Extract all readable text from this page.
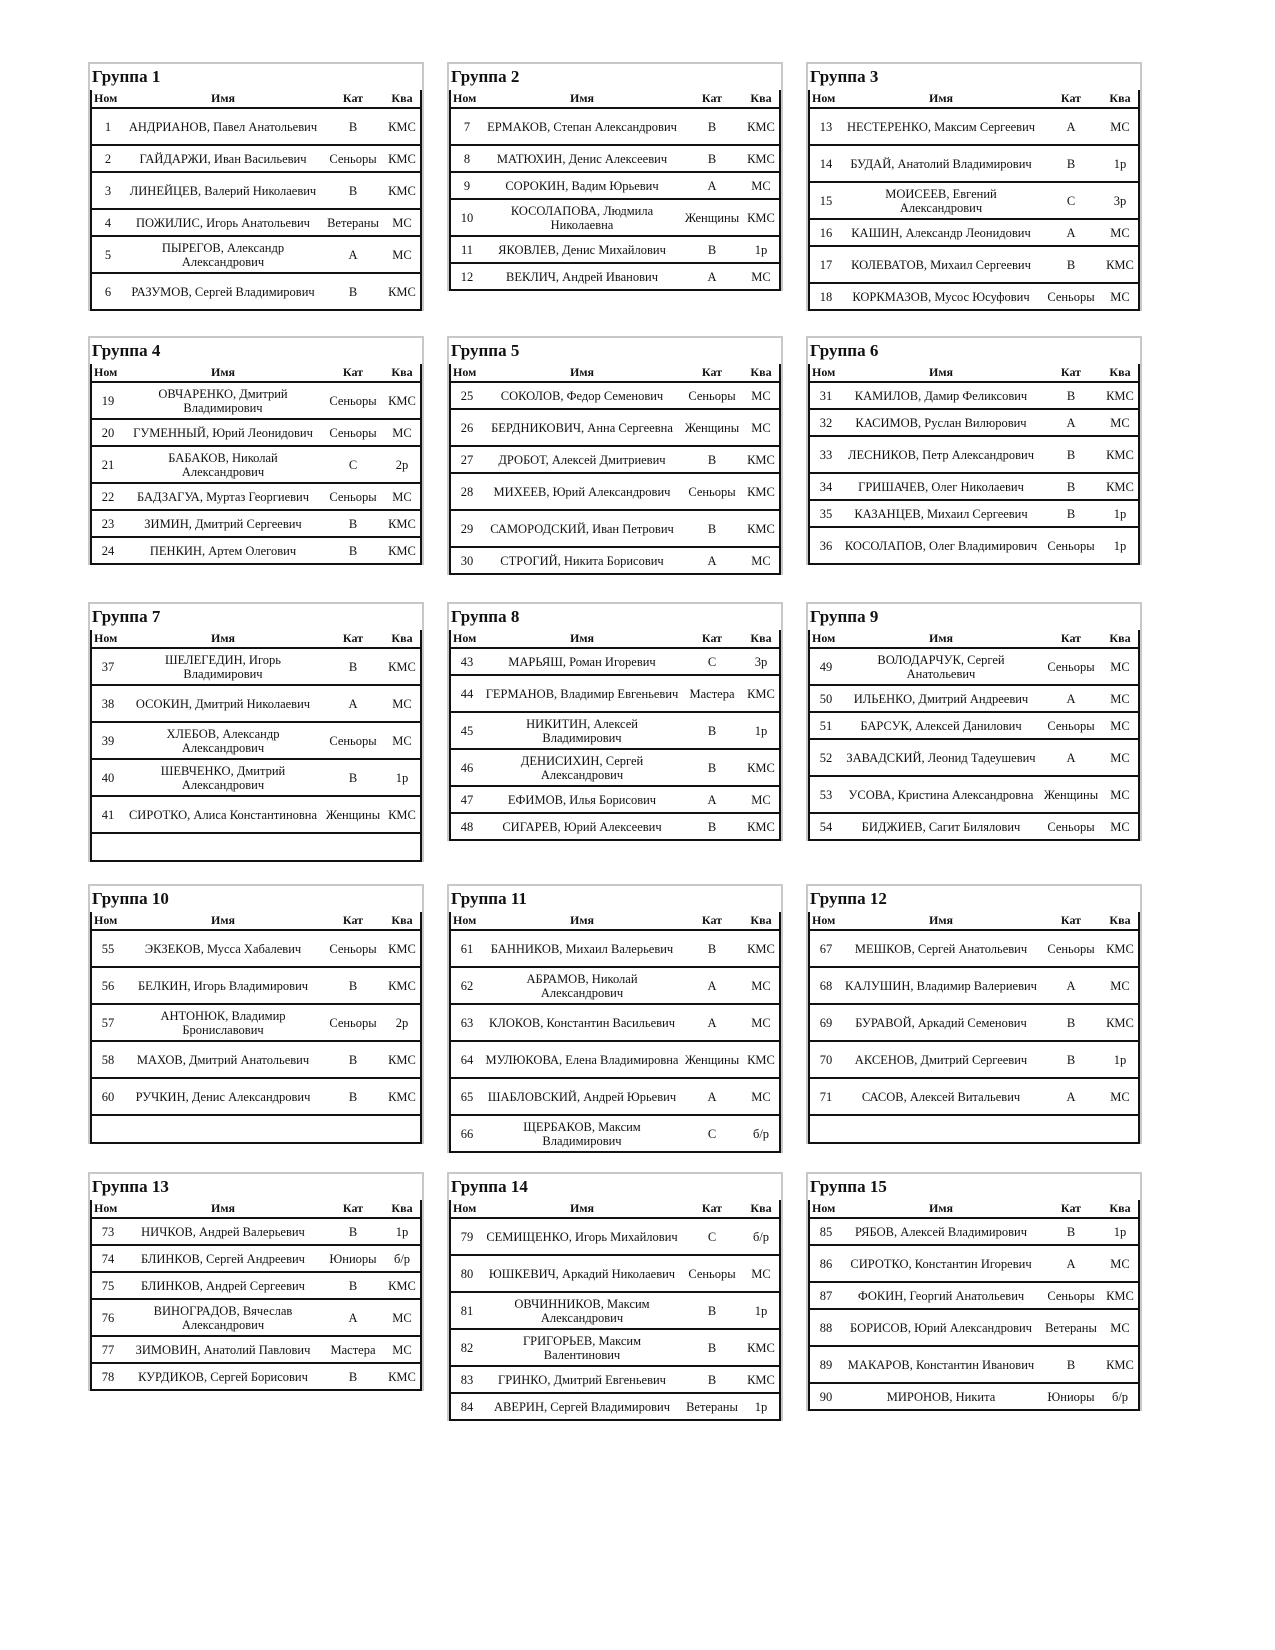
Группа 1
Ном	Имя	Кат	Ква
1	АНДРИАНОВ, Павел Анатольевич	B	КМС
2	ГАЙДАРЖИ, Иван Васильевич	Сеньоры	КМС
3	ЛИНЕЙЦЕВ, Валерий Николаевич	B	КМС
4	ПОЖИЛИС, Игорь Анатольевич	Ветераны	МС
5	ПЫРЕГОВ, Александр Александрович	A	МС
6	РАЗУМОВ, Сергей Владимирович	B	КМС
Группа 2
Ном	Имя	Кат	Ква
7	ЕРМАКОВ, Степан Александрович	B	КМС
8	МАТЮХИН, Денис Алексеевич	B	КМС
9	СОРОКИН, Вадим Юрьевич	A	МС
10	КОСОЛАПОВА, Людмила Николаевна	Женщины	КМС
11	ЯКОВЛЕВ, Денис Михайлович	B	1р
12	ВЕКЛИЧ, Андрей Иванович	A	МС
Группа 3
Ном	Имя	Кат	Ква
13	НЕСТЕРЕНКО, Максим Сергеевич	A	МС
14	БУДАЙ, Анатолий Владимирович	B	1р
15	МОИСЕЕВ, Евгений Александрович	C	3р
16	КАШИН, Александр Леонидович	A	МС
17	КОЛЕВАТОВ, Михаил Сергеевич	B	КМС
18	КОРКМАЗОВ, Мусос Юсуфович	Сеньоры	МС
Группа 4
Ном	Имя	Кат	Ква
19	ОВЧАРЕНКО, Дмитрий Владимирович	Сеньоры	КМС
20	ГУМЕННЫЙ, Юрий Леонидович	Сеньоры	МС
21	БАБАКОВ, Николай Александрович	C	2р
22	БАДЗАГУА, Муртаз Георгиевич	Сеньоры	МС
23	ЗИМИН, Дмитрий Сергеевич	B	КМС
24	ПЕНКИН, Артем Олегович	B	КМС
Группа 5
Ном	Имя	Кат	Ква
25	СОКОЛОВ, Федор Семенович	Сеньоры	МС
26	БЕРДНИКОВИЧ, Анна Сергеевна	Женщины	МС
27	ДРОБОТ, Алексей Дмитриевич	B	КМС
28	МИХЕЕВ, Юрий Александрович	Сеньоры	КМС
29	САМОРОДСКИЙ, Иван Петрович	B	КМС
30	СТРОГИЙ, Никита Борисович	A	МС
Группа 6
Ном	Имя	Кат	Ква
31	КАМИЛОВ, Дамир Феликсович	B	КМС
32	КАСИМОВ, Руслан Вилюрович	A	МС
33	ЛЕСНИКОВ, Петр Александрович	B	КМС
34	ГРИШАЧЕВ, Олег Николаевич	B	КМС
35	КАЗАНЦЕВ, Михаил Сергеевич	B	1р
36	КОСОЛАПОВ, Олег Владимирович	Сеньоры	1р
Группа 7
Ном	Имя	Кат	Ква
37	ШЕЛЕГЕДИН, Игорь Владимирович	B	КМС
38	ОСОКИН, Дмитрий Николаевич	A	МС
39	ХЛЕБОВ, Александр Александрович	Сеньоры	МС
40	ШЕВЧЕНКО, Дмитрий Александрович	B	1р
41	СИРОТКО, Алиса Константиновна	Женщины	КМС

Группа 8
Ном	Имя	Кат	Ква
43	МАРЬЯШ, Роман Игоревич	C	3р
44	ГЕРМАНОВ, Владимир Евгеньевич	Мастера	КМС
45	НИКИТИН, Алексей Владимирович	B	1р
46	ДЕНИСИХИН, Сергей Александрович	B	КМС
47	ЕФИМОВ, Илья Борисович	A	МС
48	СИГАРЕВ, Юрий Алексеевич	B	КМС
Группа 9
Ном	Имя	Кат	Ква
49	ВОЛОДАРЧУК, Сергей Анатольевич	Сеньоры	МС
50	ИЛЬЕНКО, Дмитрий Андреевич	A	МС
51	БАРСУК, Алексей Данилович	Сеньоры	МС
52	ЗАВАДСКИЙ, Леонид Тадеушевич	A	МС
53	УСОВА, Кристина Александровна	Женщины	МС
54	БИДЖИЕВ, Сагит Билялович	Сеньоры	МС
Группа 10
Ном	Имя	Кат	Ква
55	ЭКЗЕКОВ, Мусса Хабалевич	Сеньоры	КМС
56	БЕЛКИН, Игорь Владимирович	B	КМС
57	АНТОНЮК, Владимир Брониславович	Сеньоры	2р
58	МАХОВ, Дмитрий Анатольевич	B	КМС
60	РУЧКИН, Денис Александрович	B	КМС

Группа 11
Ном	Имя	Кат	Ква
61	БАННИКОВ, Михаил Валерьевич	B	КМС
62	АБРАМОВ, Николай Александрович	A	МС
63	КЛОКОВ, Константин Васильевич	A	МС
64	МУЛЮКОВА, Елена Владимировна	Женщины	КМС
65	ШАБЛОВСКИЙ, Андрей Юрьевич	A	МС
66	ЩЕРБАКОВ, Максим Владимирович	C	б/р
Группа 12
Ном	Имя	Кат	Ква
67	МЕШКОВ, Сергей Анатольевич	Сеньоры	КМС
68	КАЛУШИН, Владимир Валериевич	A	МС
69	БУРАВОЙ, Аркадий Семенович	B	КМС
70	АКСЕНОВ, Дмитрий Сергеевич	B	1р
71	САСОВ, Алексей Витальевич	A	МС

Группа 13
Ном	Имя	Кат	Ква
73	НИЧКОВ, Андрей Валерьевич	B	1р
74	БЛИНКОВ, Сергей Андреевич	Юниоры	б/р
75	БЛИНКОВ, Андрей Сергеевич	B	КМС
76	ВИНОГРАДОВ, Вячеслав Александрович	A	МС
77	ЗИМОВИН, Анатолий Павлович	Мастера	МС
78	КУРДИКОВ, Сергей Борисович	B	КМС
Группа 14
Ном	Имя	Кат	Ква
79	СЕМИЩЕНКО, Игорь Михайлович	C	б/р
80	ЮШКЕВИЧ, Аркадий Николаевич	Сеньоры	МС
81	ОВЧИННИКОВ, Максим Александрович	B	1р
82	ГРИГОРЬЕВ, Максим Валентинович	B	КМС
83	ГРИНКО, Дмитрий Евгеньевич	B	КМС
84	АВЕРИН, Сергей Владимирович	Ветераны	1р
Группа 15
Ном	Имя	Кат	Ква
85	РЯБОВ, Алексей Владимирович	B	1р
86	СИРОТКО, Константин Игоревич	A	МС
87	ФОКИН, Георгий Анатольевич	Сеньоры	КМС
88	БОРИСОВ, Юрий Александрович	Ветераны	МС
89	МАКАРОВ, Константин Иванович	B	КМС
90	МИРОНОВ, Никита	Юниоры	б/р
